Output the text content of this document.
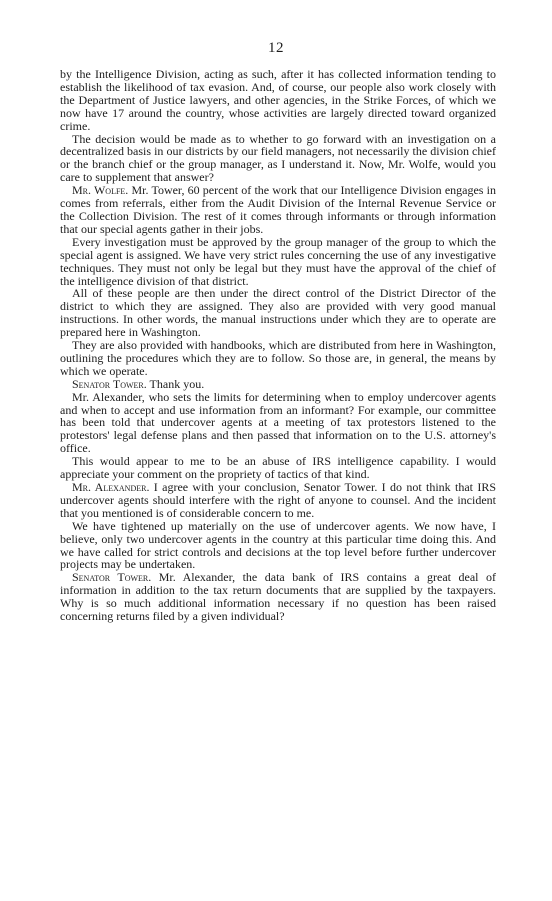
12

by the Intelligence Division, acting as such, after it has collected information tending to establish the likelihood of tax evasion. And, of course, our people also work closely with the Department of Justice lawyers, and other agencies, in the Strike Forces, of which we now have 17 around the country, whose activities are largely directed toward organized crime.

The decision would be made as to whether to go forward with an investigation on a decentralized basis in our districts by our field managers, not necessarily the division chief or the branch chief or the group manager, as I understand it. Now, Mr. Wolfe, would you care to supplement that answer?

Mr. Wolfe. Mr. Tower, 60 percent of the work that our Intelligence Division engages in comes from referrals, either from the Audit Division of the Internal Revenue Service or the Collection Division. The rest of it comes through informants or through information that our special agents gather in their jobs.

Every investigation must be approved by the group manager of the group to which the special agent is assigned. We have very strict rules concerning the use of any investigative techniques. They must not only be legal but they must have the approval of the chief of the intelligence division of that district.

All of these people are then under the direct control of the District Director of the district to which they are assigned. They also are provided with very good manual instructions. In other words, the manual instructions under which they are to operate are prepared here in Washington.

They are also provided with handbooks, which are distributed from here in Washington, outlining the procedures which they are to follow. So those are, in general, the means by which we operate.

Senator Tower. Thank you.

Mr. Alexander, who sets the limits for determining when to employ undercover agents and when to accept and use information from an informant? For example, our committee has been told that undercover agents at a meeting of tax protestors listened to the protestors' legal defense plans and then passed that information on to the U.S. attorney's office.

This would appear to me to be an abuse of IRS intelligence capability. I would appreciate your comment on the propriety of tactics of that kind.

Mr. Alexander. I agree with your conclusion, Senator Tower. I do not think that IRS undercover agents should interfere with the right of anyone to counsel. And the incident that you mentioned is of considerable concern to me.

We have tightened up materially on the use of undercover agents. We now have, I believe, only two undercover agents in the country at this particular time doing this. And we have called for strict controls and decisions at the top level before further undercover projects may be undertaken.

Senator Tower. Mr. Alexander, the data bank of IRS contains a great deal of information in addition to the tax return documents that are supplied by the taxpayers. Why is so much additional information necessary if no question has been raised concerning returns filed by a given individual?
